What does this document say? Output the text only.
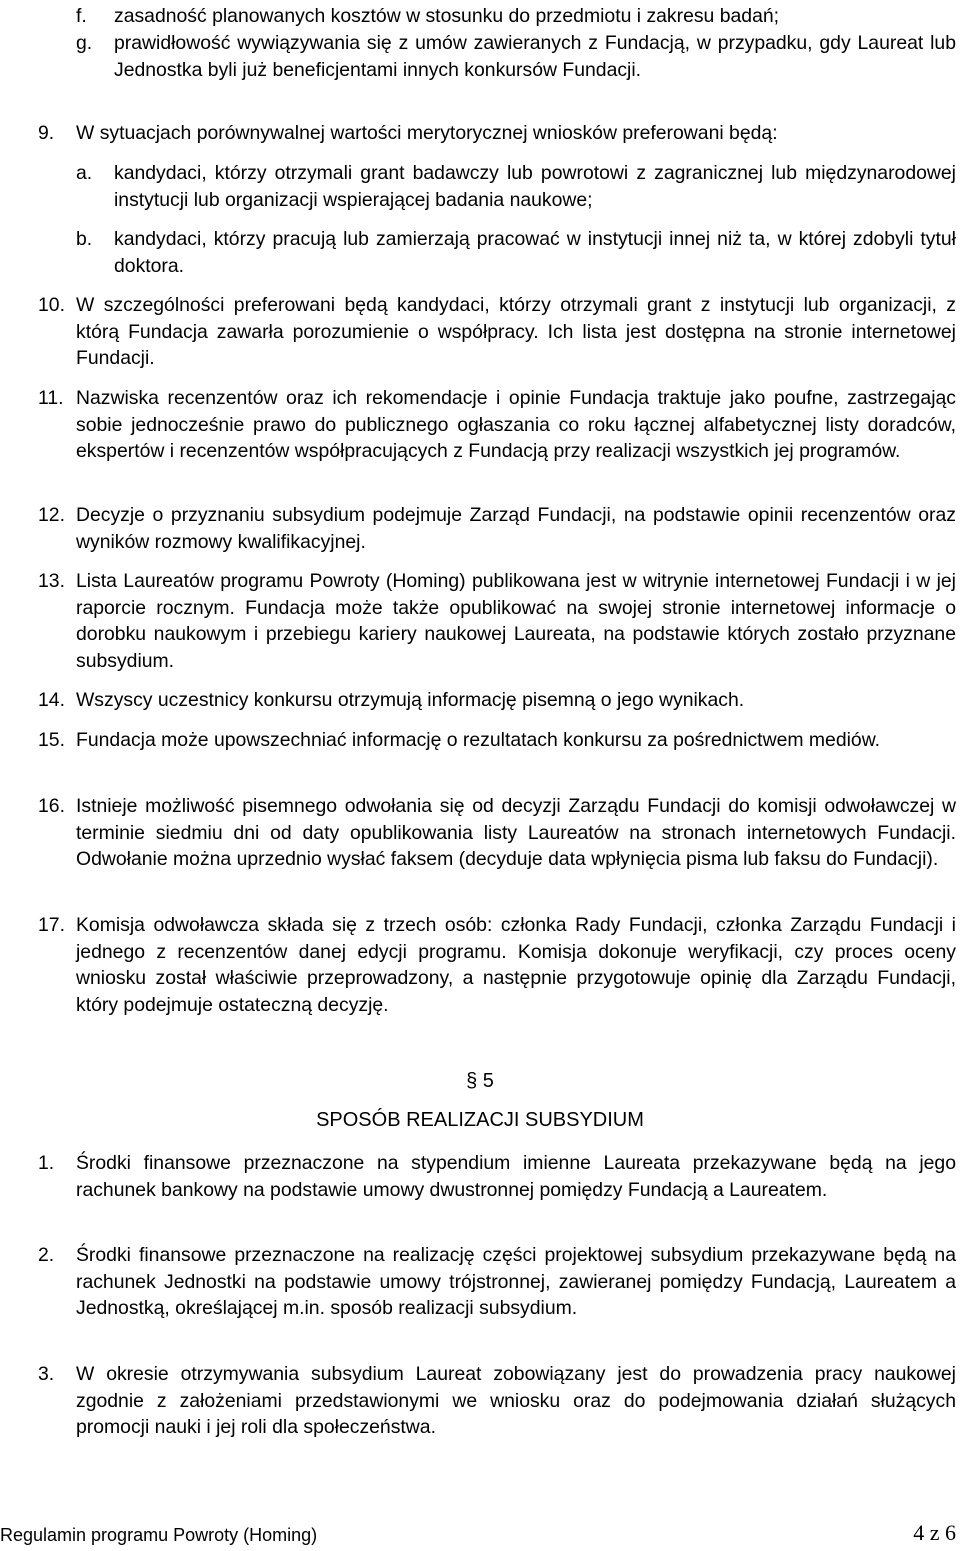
f. zasadność planowanych kosztów w stosunku do przedmiotu i zakresu badań;
g. prawidłowość wywiązywania się z umów zawieranych z Fundacją, w przypadku, gdy Laureat lub Jednostka byli już beneficjentami innych konkursów Fundacji.
9. W sytuacjach porównywalnej wartości merytorycznej wniosków preferowani będą:
a. kandydaci, którzy otrzymali grant badawczy lub powrotowi z zagranicznej lub międzynarodowej instytucji lub organizacji wspierającej badania naukowe;
b. kandydaci, którzy pracują lub zamierzają pracować w instytucji innej niż ta, w której zdobyli tytuł doktora.
10. W szczególności preferowani będą kandydaci, którzy otrzymali grant z instytucji lub organizacji, z którą Fundacja zawarła porozumienie o współpracy. Ich lista jest dostępna na stronie internetowej Fundacji.
11. Nazwiska recenzentów oraz ich rekomendacje i opinie Fundacja traktuje jako poufne, zastrzegając sobie jednocześnie prawo do publicznego ogłaszania co roku łącznej alfabetycznej listy doradców, ekspertów i recenzentów współpracujących z Fundacją przy realizacji wszystkich jej programów.
12. Decyzje o przyznaniu subsydium podejmuje Zarząd Fundacji, na podstawie opinii recenzentów oraz wyników rozmowy kwalifikacyjnej.
13. Lista Laureatów programu Powroty (Homing) publikowana jest w witrynie internetowej Fundacji i w jej raporcie rocznym. Fundacja może także opublikować na swojej stronie internetowej informacje o dorobku naukowym i przebiegu kariery naukowej Laureata, na podstawie których zostało przyznane subsydium.
14. Wszyscy uczestnicy konkursu otrzymują informację pisemną o jego wynikach.
15. Fundacja może upowszechniać informację o rezultatach konkursu za pośrednictwem mediów.
16. Istnieje możliwość pisemnego odwołania się od decyzji Zarządu Fundacji do komisji odwoławczej w terminie siedmiu dni od daty opublikowania listy Laureatów na stronach internetowych Fundacji. Odwołanie można uprzednio wysłać faksem (decyduje data wpłynięcia pisma lub faksu do Fundacji).
17. Komisja odwoławcza składa się z trzech osób: członka Rady Fundacji, członka Zarządu Fundacji i jednego z recenzentów danej edycji programu. Komisja dokonuje weryfikacji, czy proces oceny wniosku został właściwie przeprowadzony, a następnie przygotowuje opinię dla Zarządu Fundacji, który podejmuje ostateczną decyzję.
§ 5
SPOSÓB REALIZACJI SUBSYDIUM
1. Środki finansowe przeznaczone na stypendium imienne Laureata przekazywane będą na jego rachunek bankowy na podstawie umowy dwustronnej pomiędzy Fundacją a Laureatem.
2. Środki finansowe przeznaczone na realizację części projektowej subsydium przekazywane będą na rachunek Jednostki na podstawie umowy trójstronnej, zawieranej pomiędzy Fundacją, Laureatem a Jednostką, określającej m.in. sposób realizacji subsydium.
3. W okresie otrzymywania subsydium Laureat zobowiązany jest do prowadzenia pracy naukowej zgodnie z założeniami przedstawionymi we wniosku oraz do podejmowania działań służących promocji nauki i jej roli dla społeczeństwa.
Regulamin programu Powroty (Homing)	4 z 6
